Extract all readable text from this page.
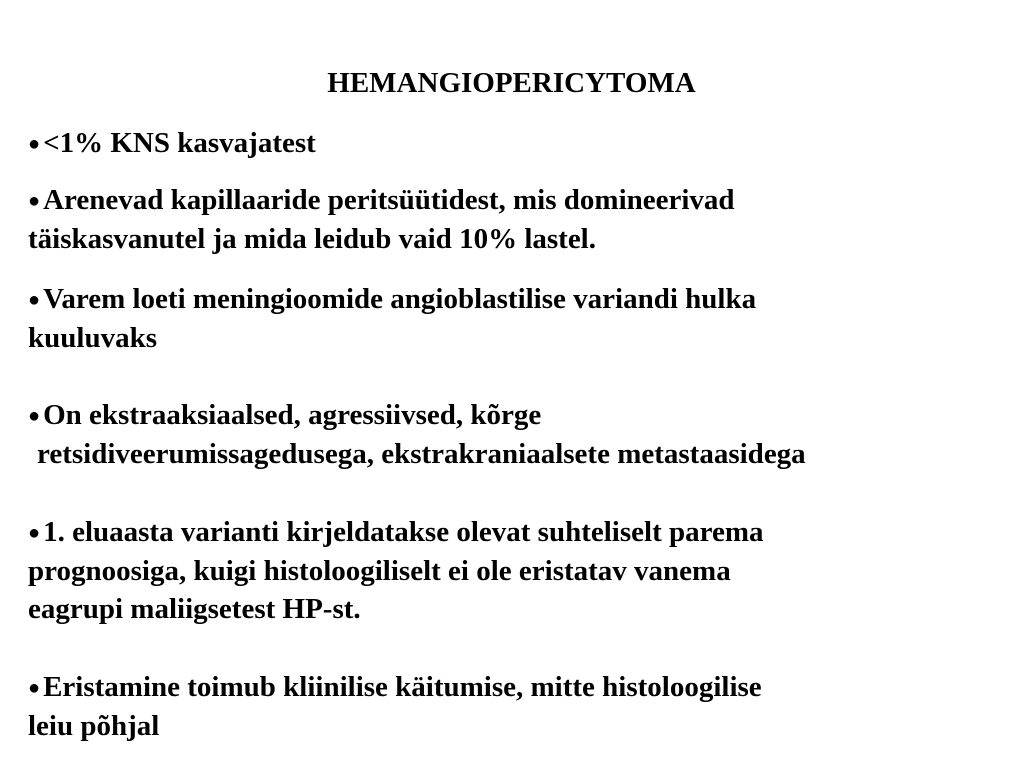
HEMANGIOPERICYTOMA
● <1% KNS kasvajatest
● Arenevad kapillaaride peritsüütidest, mis domineerivad
täiskasvanutel ja mida leidub vaid 10% lastel.
● Varem loeti meningioomide angioblastilise variandi hulka
kuuluvaks
● On ekstraaksiaalsed, agressiivsed, kõrge
retsidiveerumissagedusega, ekstrakraniaalsete metastaasidega
● 1. eluaasta varianti kirjeldatakse olevat suhteliselt parema
prognoosiga, kuigi histoloogiliselt ei ole eristatav vanema
eagrupi maliigsetest HP-st.
● Eristamine toimub kliinilise käitumise, mitte histoloogilise
leiu põhjal
